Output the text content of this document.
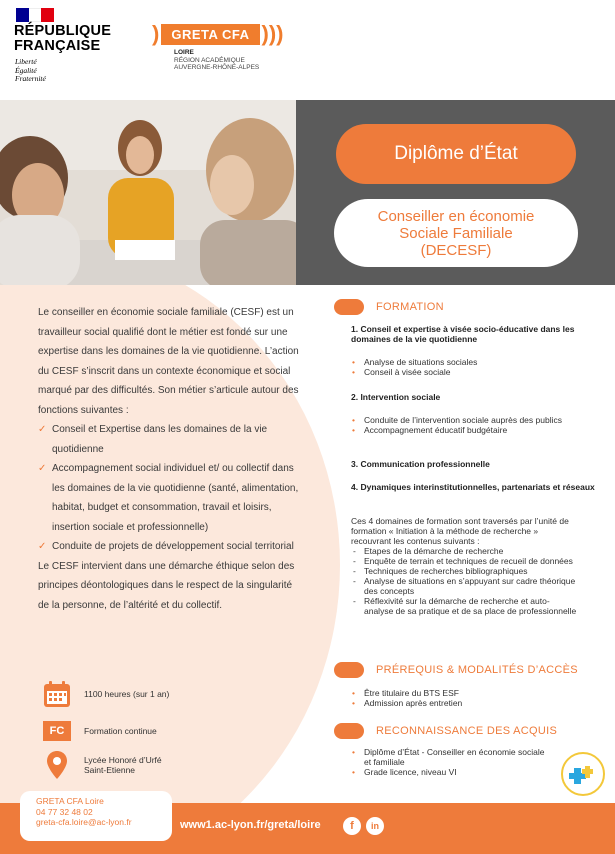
RÉPUBLIQUE
FRANÇAISE
Liberté
Égalité
Fraternité
) GRETA CFA )))
LOIRE
RÉGION ACADÉMIQUE
AUVERGNE-RHÔNE-ALPES
Diplôme d’État
Conseiller en économie
Sociale Familiale
(DECESF)

Le conseiller en économie sociale familiale (CESF) est un travailleur social qualifié dont le métier est fondé sur une expertise dans les domaines de la vie quotidienne. L’action du CESF s’inscrit dans un contexte économique et social marqué par des difficultés. Son métier s’articule autour des fonctions suivantes :

✓ Conseil et Expertise dans les domaines de la vie quotidienne
✓ Accompagnement social individuel et/ ou collectif dans les domaines de la vie quotidienne (santé, alimentation, habitat, budget et consommation, travail et loisirs, insertion sociale et professionnelle)
✓ Conduite de projets de développement social territorial

Le CESF intervient dans une démarche éthique selon des principes déontologiques dans le respect de la singularité de la personne, de l’altérité et du collectif.

1100 heures (sur 1 an)
FC	Formation continue
Lycée Honoré d’Urfé
Saint-Etienne
FORMATION
1. Conseil et expertise à visée socio-éducative dans les domaines de la vie quotidienne
• Analyse de situations sociales
• Conseil à visée sociale
2. Intervention sociale
• Conduite de l’intervention sociale auprès des publics
• Accompagnement éducatif budgétaire
3. Communication professionnelle
4. Dynamiques interinstitutionnelles, partenariats et réseaux
Ces 4 domaines de formation sont traversés par l’unité de formation « Initiation à la méthode de recherche » recouvrant les contenus suivants :
- Etapes de la démarche de recherche
- Enquête de terrain et techniques de recueil de données
- Techniques de recherches bibliographiques
- Analyse de situations en s’appuyant sur cadre théorique des concepts
- Réflexivité sur la démarche de recherche et auto-analyse de sa pratique et de sa place de professionnelle
PRÉREQUIS & MODALITÉS D’ACCÈS
• Être titulaire du BTS ESF
• Admission après entretien
RECONNAISSANCE DES ACQUIS
• Diplôme d’État - Conseiller en économie sociale et familiale
• Grade licence, niveau VI
GRETA CFA Loire
04 77 32 48 02
greta-cfa.loire@ac-lyon.fr	www1.ac-lyon.fr/greta/loire	f	in
